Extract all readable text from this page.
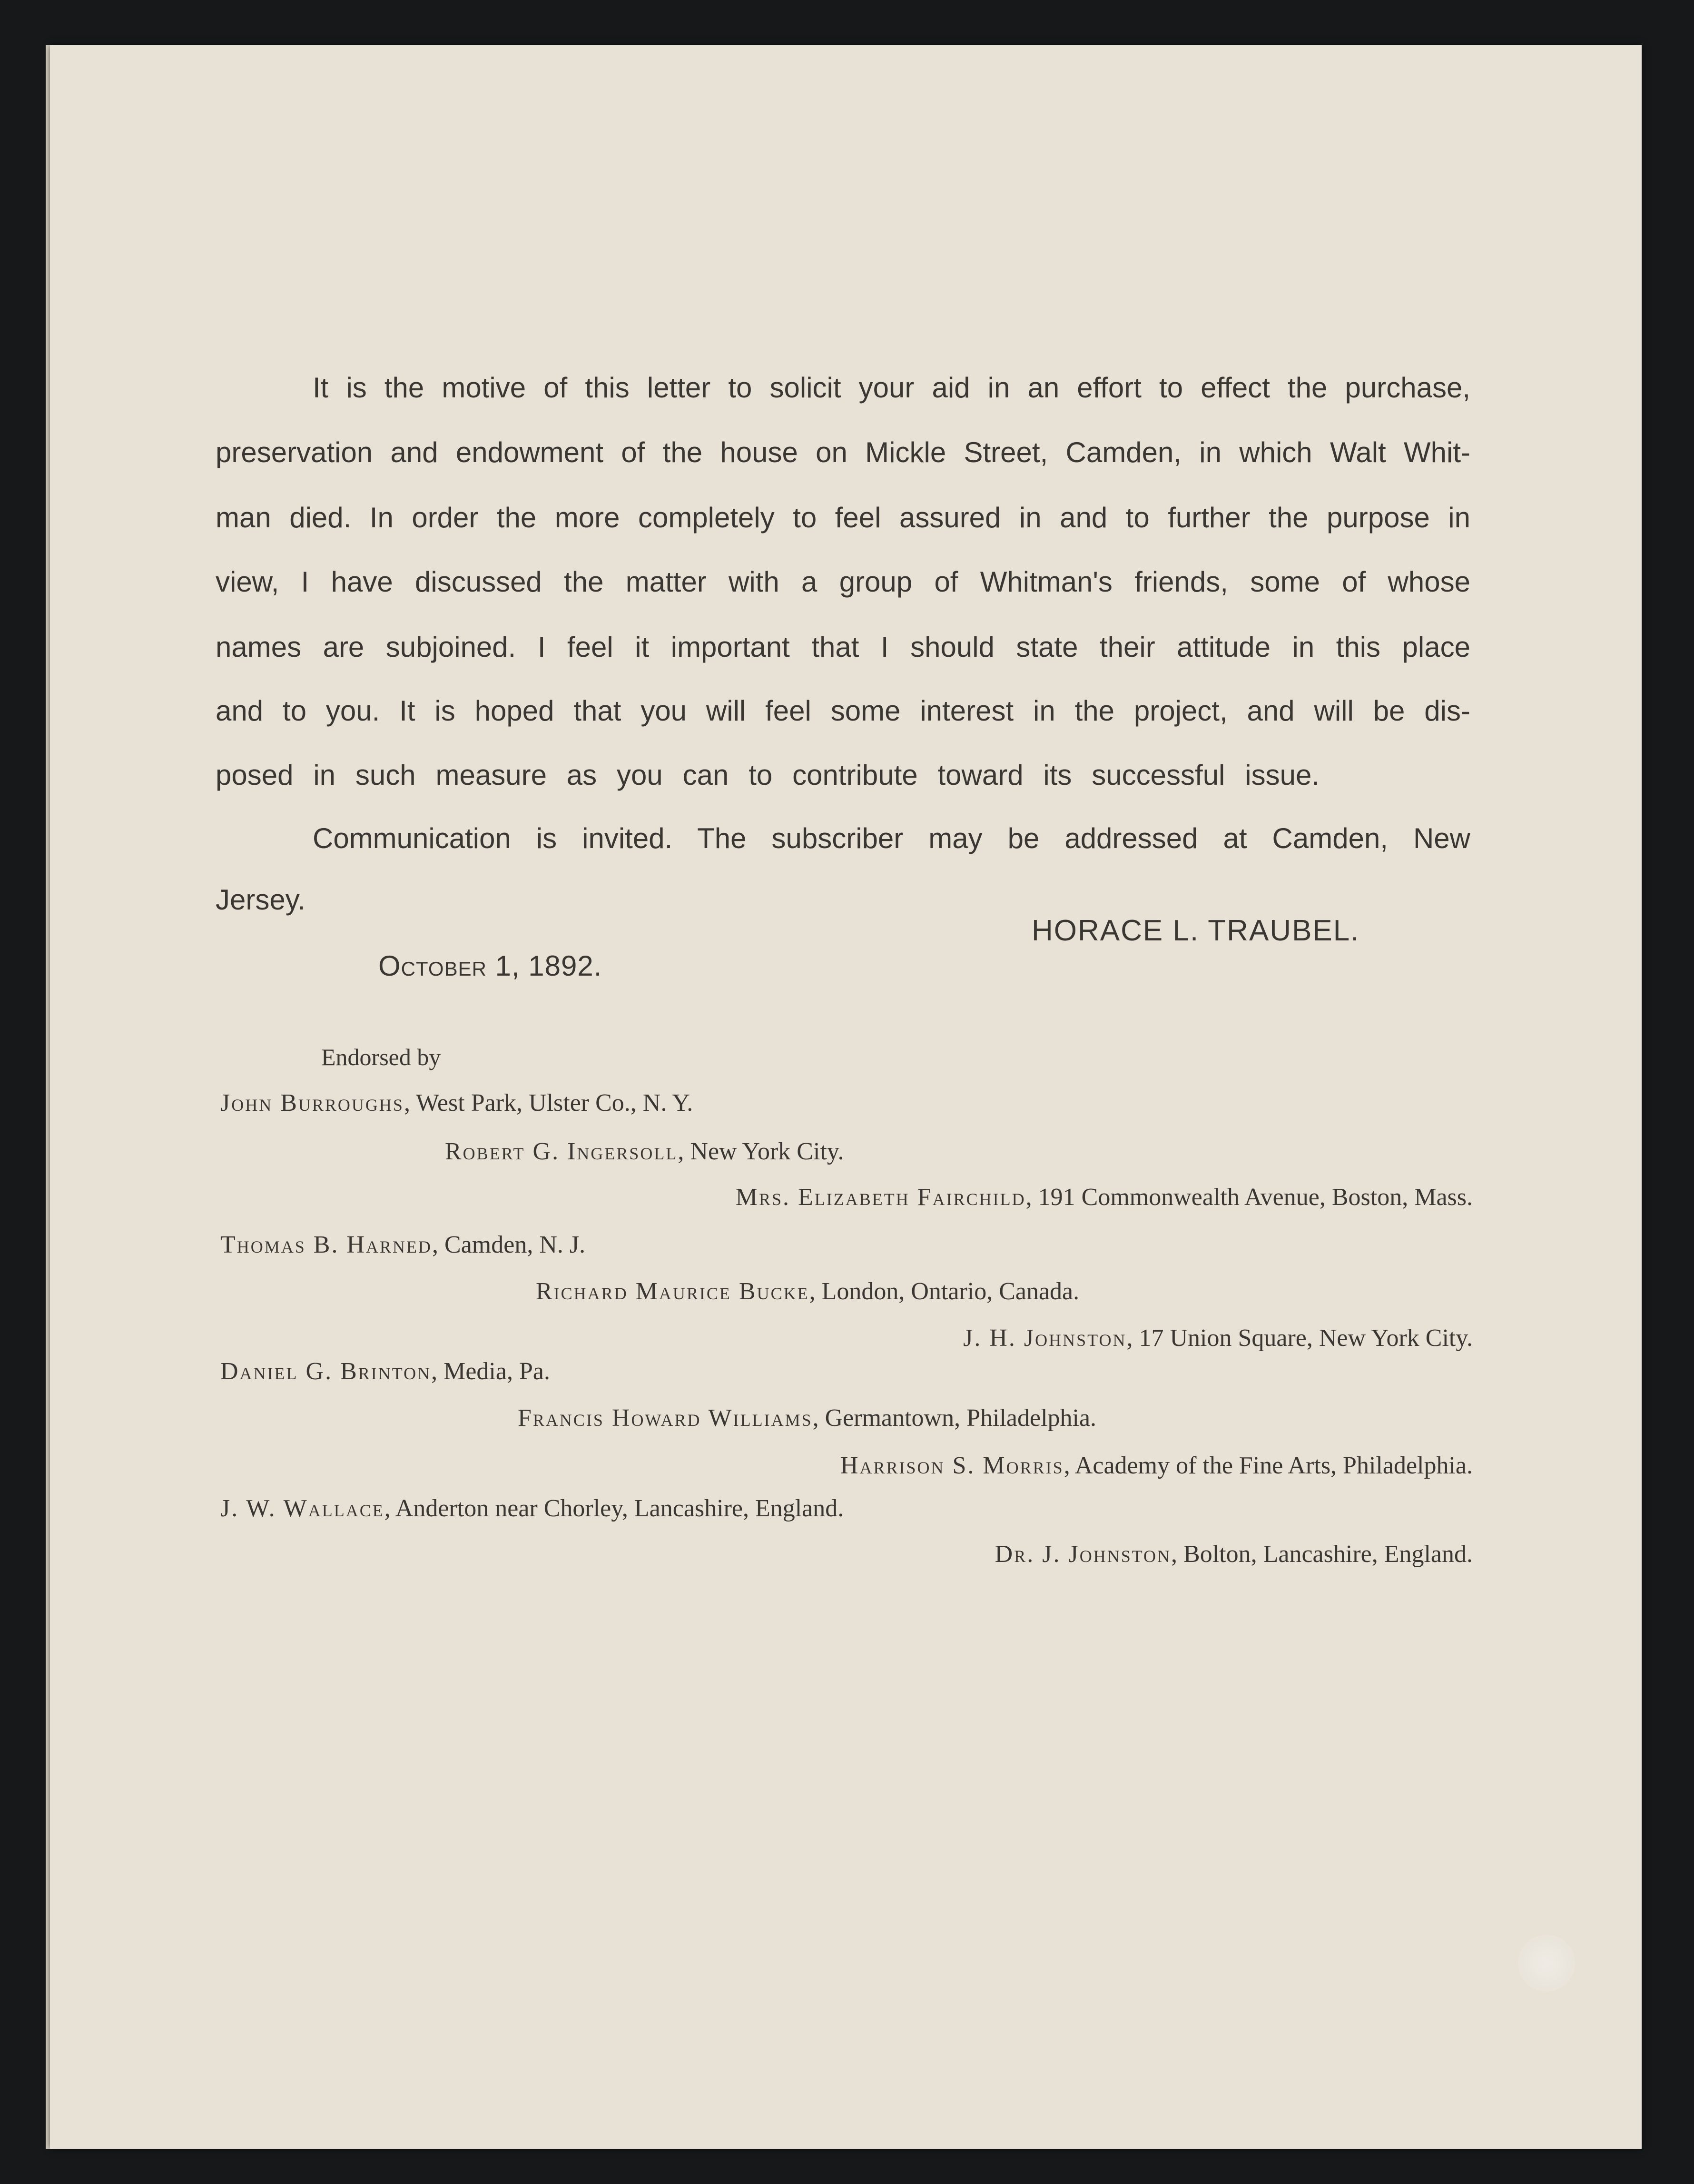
It is the motive of this letter to solicit your aid in an effort to effect the purchase,
preservation and endowment of the house on Mickle Street, Camden, in which Walt Whit-
man died. In order the more completely to feel assured in and to further the purpose in
view, I have discussed the matter with a group of Whitman's friends, some of whose
names are subjoined. I feel it important that I should state their attitude in this place
and to you. It is hoped that you will feel some interest in the project, and will be dis-
posed in such measure as you can to contribute toward its successful issue.
Communication is invited. The subscriber may be addressed at Camden, New
Jersey.
HORACE L. TRAUBEL.
October 1, 1892.
Endorsed by
John Burroughs, West Park, Ulster Co., N. Y.
Robert G. Ingersoll, New York City.
Mrs. Elizabeth Fairchild, 191 Commonwealth Avenue, Boston, Mass.
Thomas B. Harned, Camden, N. J.
Richard Maurice Bucke, London, Ontario, Canada.
J. H. Johnston, 17 Union Square, New York City.
Daniel G. Brinton, Media, Pa.
Francis Howard Williams, Germantown, Philadelphia.
Harrison S. Morris, Academy of the Fine Arts, Philadelphia.
J. W. Wallace, Anderton near Chorley, Lancashire, England.
Dr. J. Johnston, Bolton, Lancashire, England.
